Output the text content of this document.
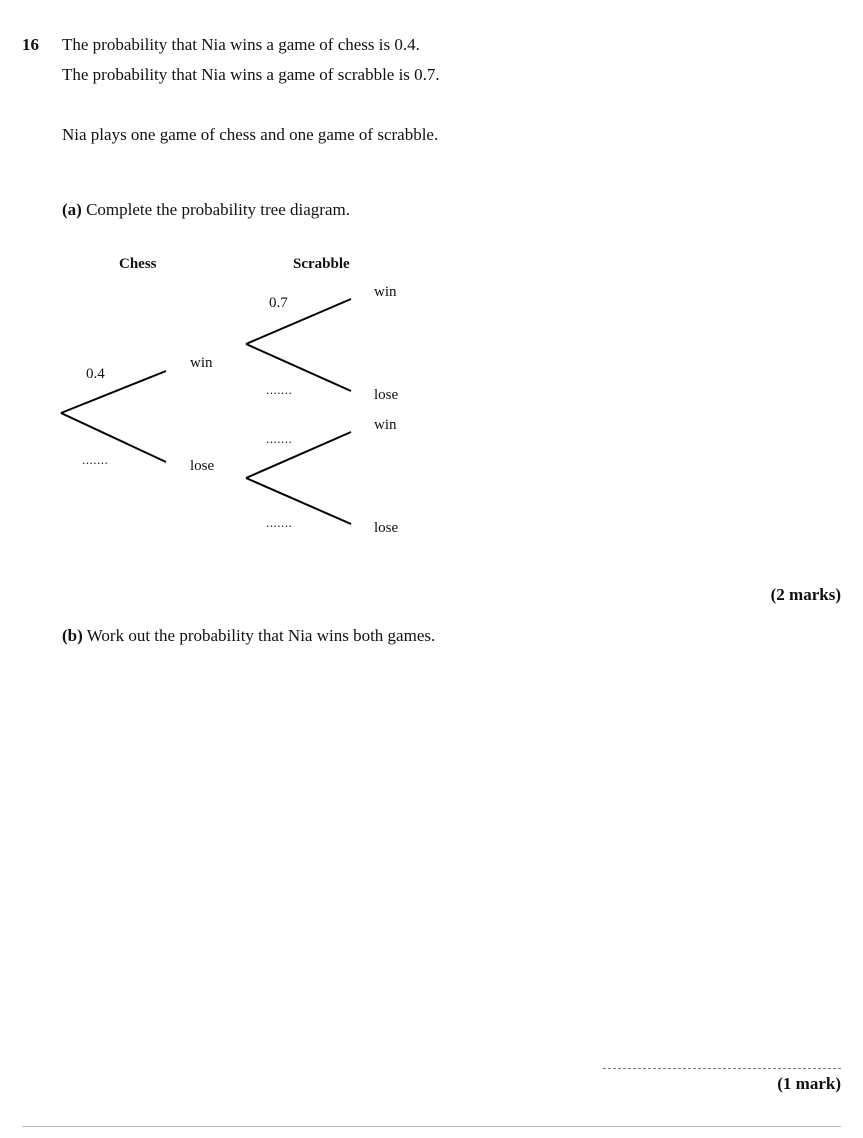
16 The probability that Nia wins a game of chess is 0.4.
The probability that Nia wins a game of scrabble is 0.7.
Nia plays one game of chess and one game of scrabble.
(a) Complete the probability tree diagram.
Chess	Scrabble
0.4
.......
win
lose
0.7
.......
.......
.......
win
lose
win
lose
(2 marks)
(b) Work out the probability that Nia wins both games.
(1 mark)
